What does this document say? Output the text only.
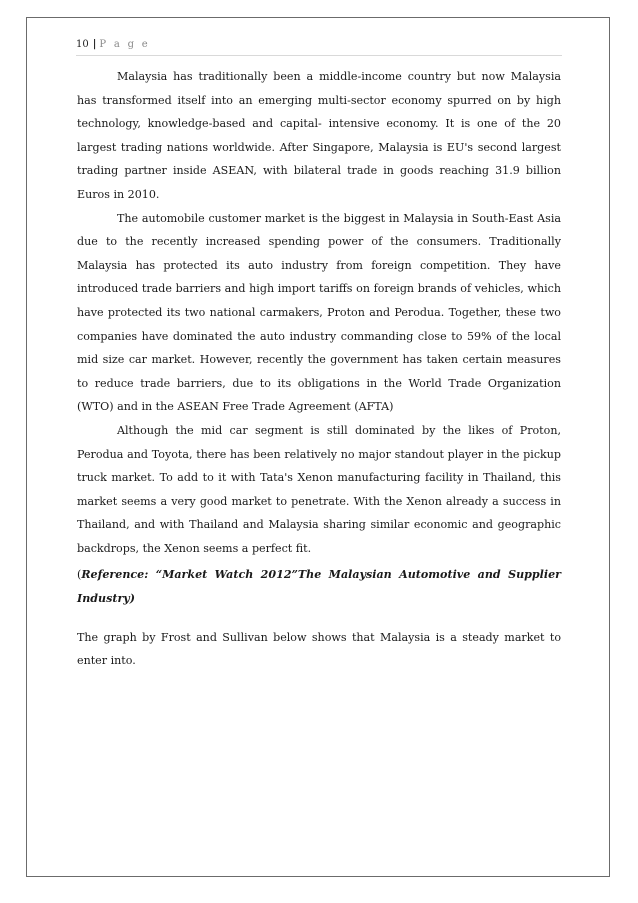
10 | P a g e

Malaysia has traditionally been a middle-income country but now Malaysia has transformed itself into an emerging multi-sector economy spurred on by high technology, knowledge-based and capital- intensive economy. It is one of the 20 largest trading nations worldwide. After Singapore, Malaysia is EU's second largest trading partner inside ASEAN, with bilateral trade in goods reaching 31.9 billion Euros in 2010.

The automobile customer market is the biggest in Malaysia in South-East Asia due to the recently increased spending power of the consumers. Traditionally Malaysia has protected its auto industry from foreign competition. They have introduced trade barriers and high import tariffs on foreign brands of vehicles, which have protected its two national carmakers, Proton and Perodua. Together, these two companies have dominated the auto industry commanding close to 59% of the local mid size car market. However, recently the government has taken certain measures to reduce trade barriers, due to its obligations in the World Trade Organization (WTO) and in the ASEAN Free Trade Agreement (AFTA)

Although the mid car segment is still dominated by the likes of Proton, Perodua and Toyota, there has been relatively no major standout player in the pickup truck market. To add to it with Tata's Xenon manufacturing facility in Thailand, this market seems a very good market to penetrate. With the Xenon already a success in Thailand, and with Thailand and Malaysia sharing similar economic and geographic backdrops, the Xenon seems a perfect fit.

(Reference: “Market Watch 2012”The Malaysian Automotive and Supplier Industry)

The graph by Frost and Sullivan below shows that Malaysia is a steady market to enter into.
